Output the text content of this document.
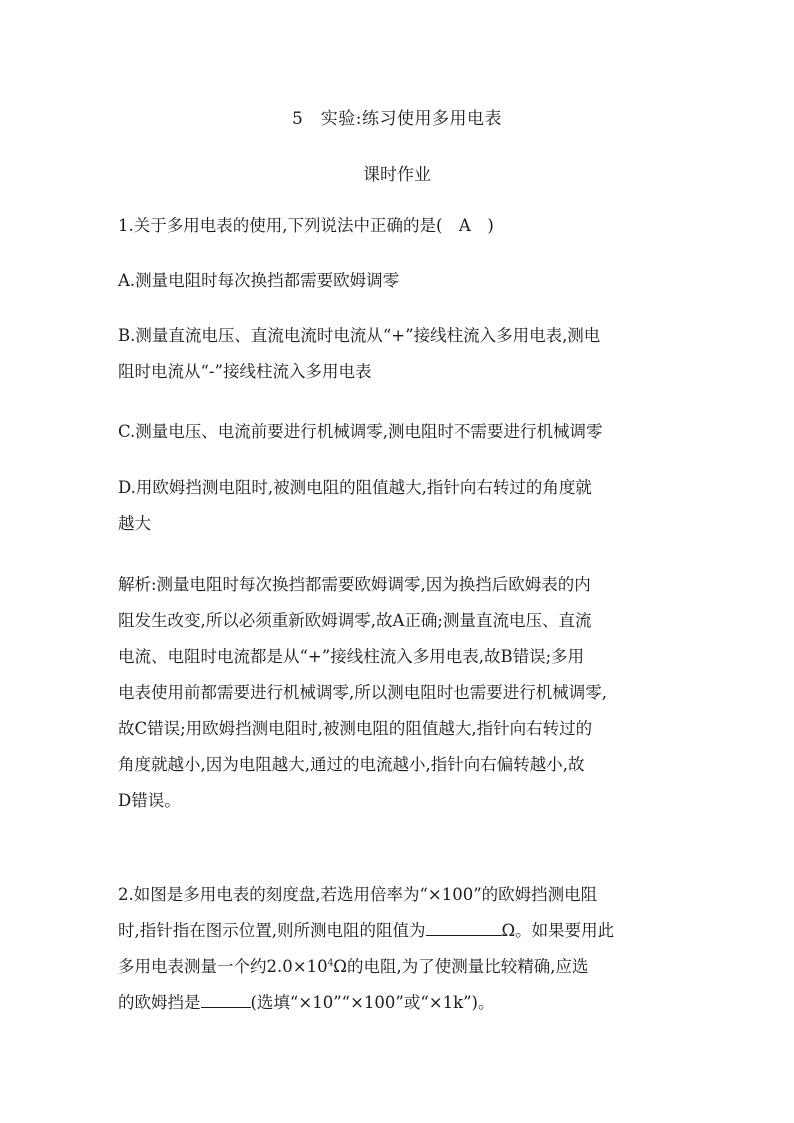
5　实验:练习使用多用电表
课时作业
1.关于多用电表的使用,下列说法中正确的是(　A　)
A.测量电阻时每次换挡都需要欧姆调零
B.测量直流电压、直流电流时电流从“+”接线柱流入多用电表,测电
阻时电流从“-”接线柱流入多用电表
C.测量电压、电流前要进行机械调零,测电阻时不需要进行机械调零
D.用欧姆挡测电阻时,被测电阻的阻值越大,指针向右转过的角度就
越大
解析:测量电阻时每次换挡都需要欧姆调零,因为换挡后欧姆表的内
阻发生改变,所以必须重新欧姆调零,故A正确;测量直流电压、直流
电流、电阻时电流都是从“+”接线柱流入多用电表,故B错误;多用
电表使用前都需要进行机械调零,所以测电阻时也需要进行机械调零,
故C错误;用欧姆挡测电阻时,被测电阻的阻值越大,指针向右转过的
角度就越小,因为电阻越大,通过的电流越小,指针向右偏转越小,故
D错误。
2.如图是多用电表的刻度盘,若选用倍率为“×100”的欧姆挡测电阻
时,指针指在图示位置,则所测电阻的阻值为	Ω。如果要用此
多用电表测量一个约$2.0\times 10^4\Omega$的电阻,为了使测量比较精确,应选
的欧姆挡是	(选填“×10”“×100”或“×1k”)。
